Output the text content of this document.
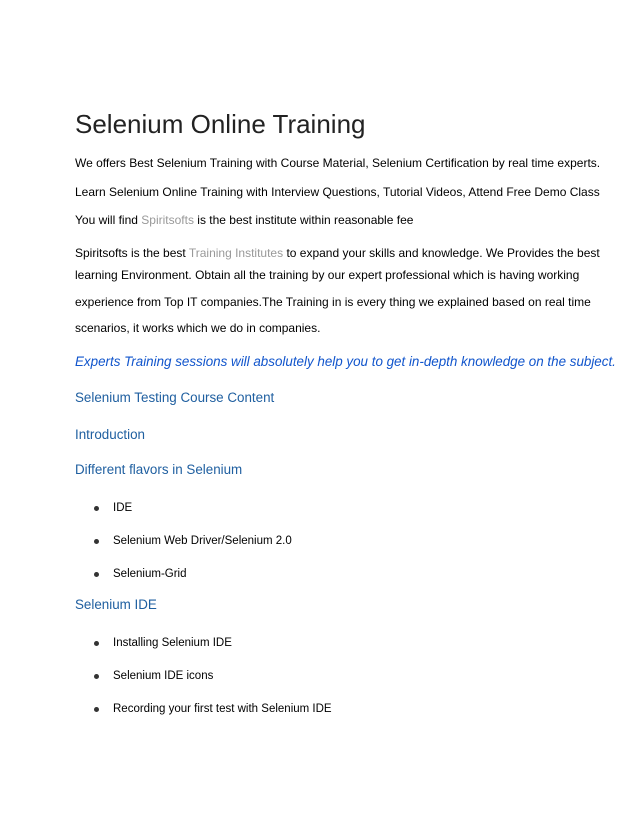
Selenium Online Training
We offers Best Selenium Training with Course Material, Selenium Certification by real time experts.
Learn Selenium Online Training with Interview Questions, Tutorial Videos, Attend Free Demo Class
You will find Spiritsofts is the best institute within reasonable fee
Spiritsofts is the best Training Institutes to expand your skills and knowledge. We Provides the best
learning Environment. Obtain all the training by our expert professional which is having working
experience from Top IT companies.The Training in is every thing we explained based on real time
scenarios, it works which we do in companies.
Experts Training sessions will absolutely help you to get in-depth knowledge on the subject.
Selenium Testing Course Content
Introduction
Different flavors in Selenium
IDE
Selenium Web Driver/Selenium 2.0
Selenium-Grid
Selenium IDE
Installing Selenium IDE
Selenium IDE icons
Recording your first test with Selenium IDE
